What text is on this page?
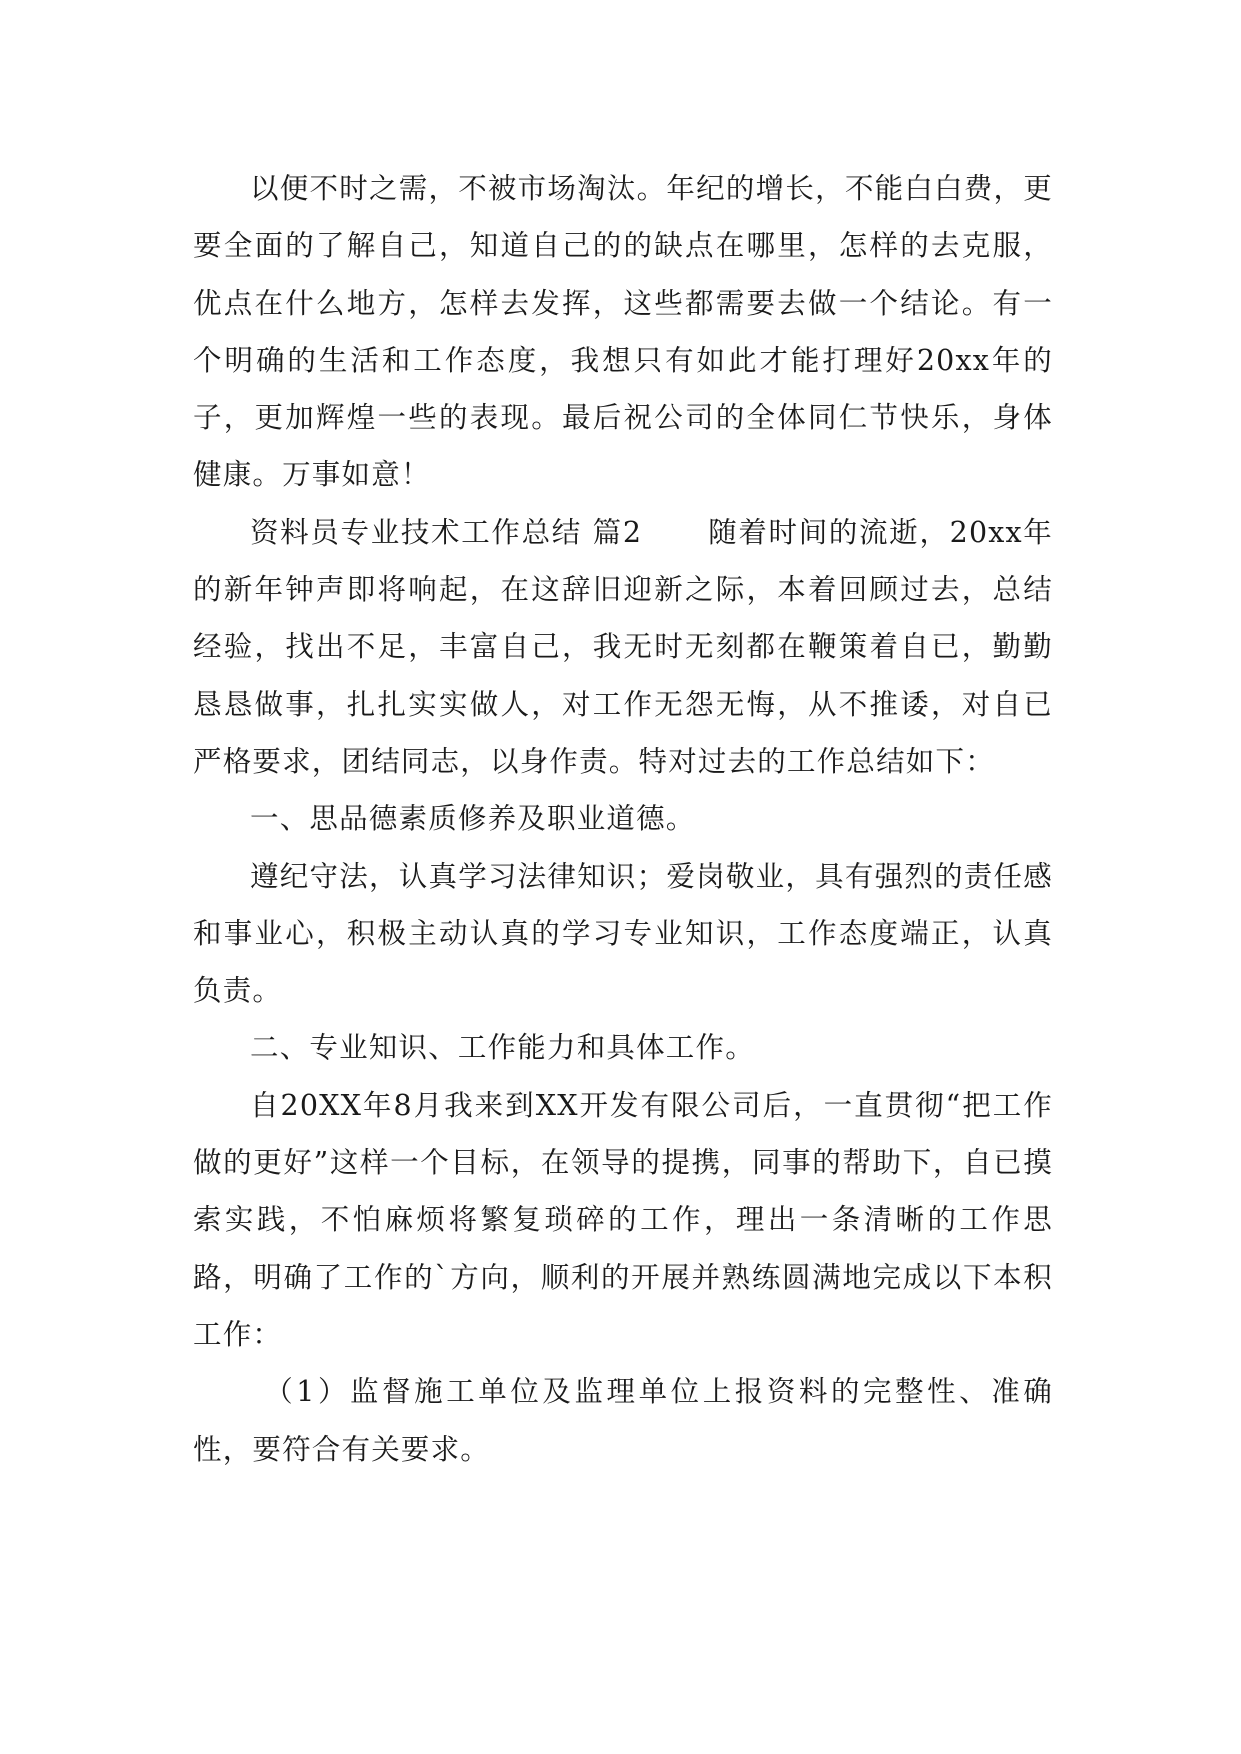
以便不时之需，不被市场淘汰。年纪的增长，不能白白费，更要全面的了解自己，知道自己的的缺点在哪里，怎样的去克服，优点在什么地方，怎样去发挥，这些都需要去做一个结论。有一个明确的生活和工作态度，我想只有如此才能打理好20xx年的子，更加辉煌一些的表现。最后祝公司的全体同仁节快乐，身体健康。万事如意！

资料员专业技术工作总结 篇2 随着时间的流逝，20xx年的新年钟声即将响起，在这辞旧迎新之际，本着回顾过去，总结经验，找出不足，丰富自己，我无时无刻都在鞭策着自已，勤勤恳恳做事，扎扎实实做人，对工作无怨无悔，从不推诿，对自已严格要求，团结同志，以身作责。特对过去的工作总结如下：

一、思品德素质修养及职业道德。

遵纪守法，认真学习法律知识；爱岗敬业，具有强烈的责任感和事业心，积极主动认真的学习专业知识，工作态度端正，认真负责。

二、专业知识、工作能力和具体工作。

自20XX年8月我来到XX开发有限公司后，一直贯彻“把工作做的更好”这样一个目标，在领导的提携，同事的帮助下，自已摸索实践，不怕麻烦将繁复琐碎的工作，理出一条清晰的工作思路，明确了工作的`方向，顺利的开展并熟练圆满地完成以下本积工作：

（1）监督施工单位及监理单位上报资料的完整性、准确性，要符合有关要求。
